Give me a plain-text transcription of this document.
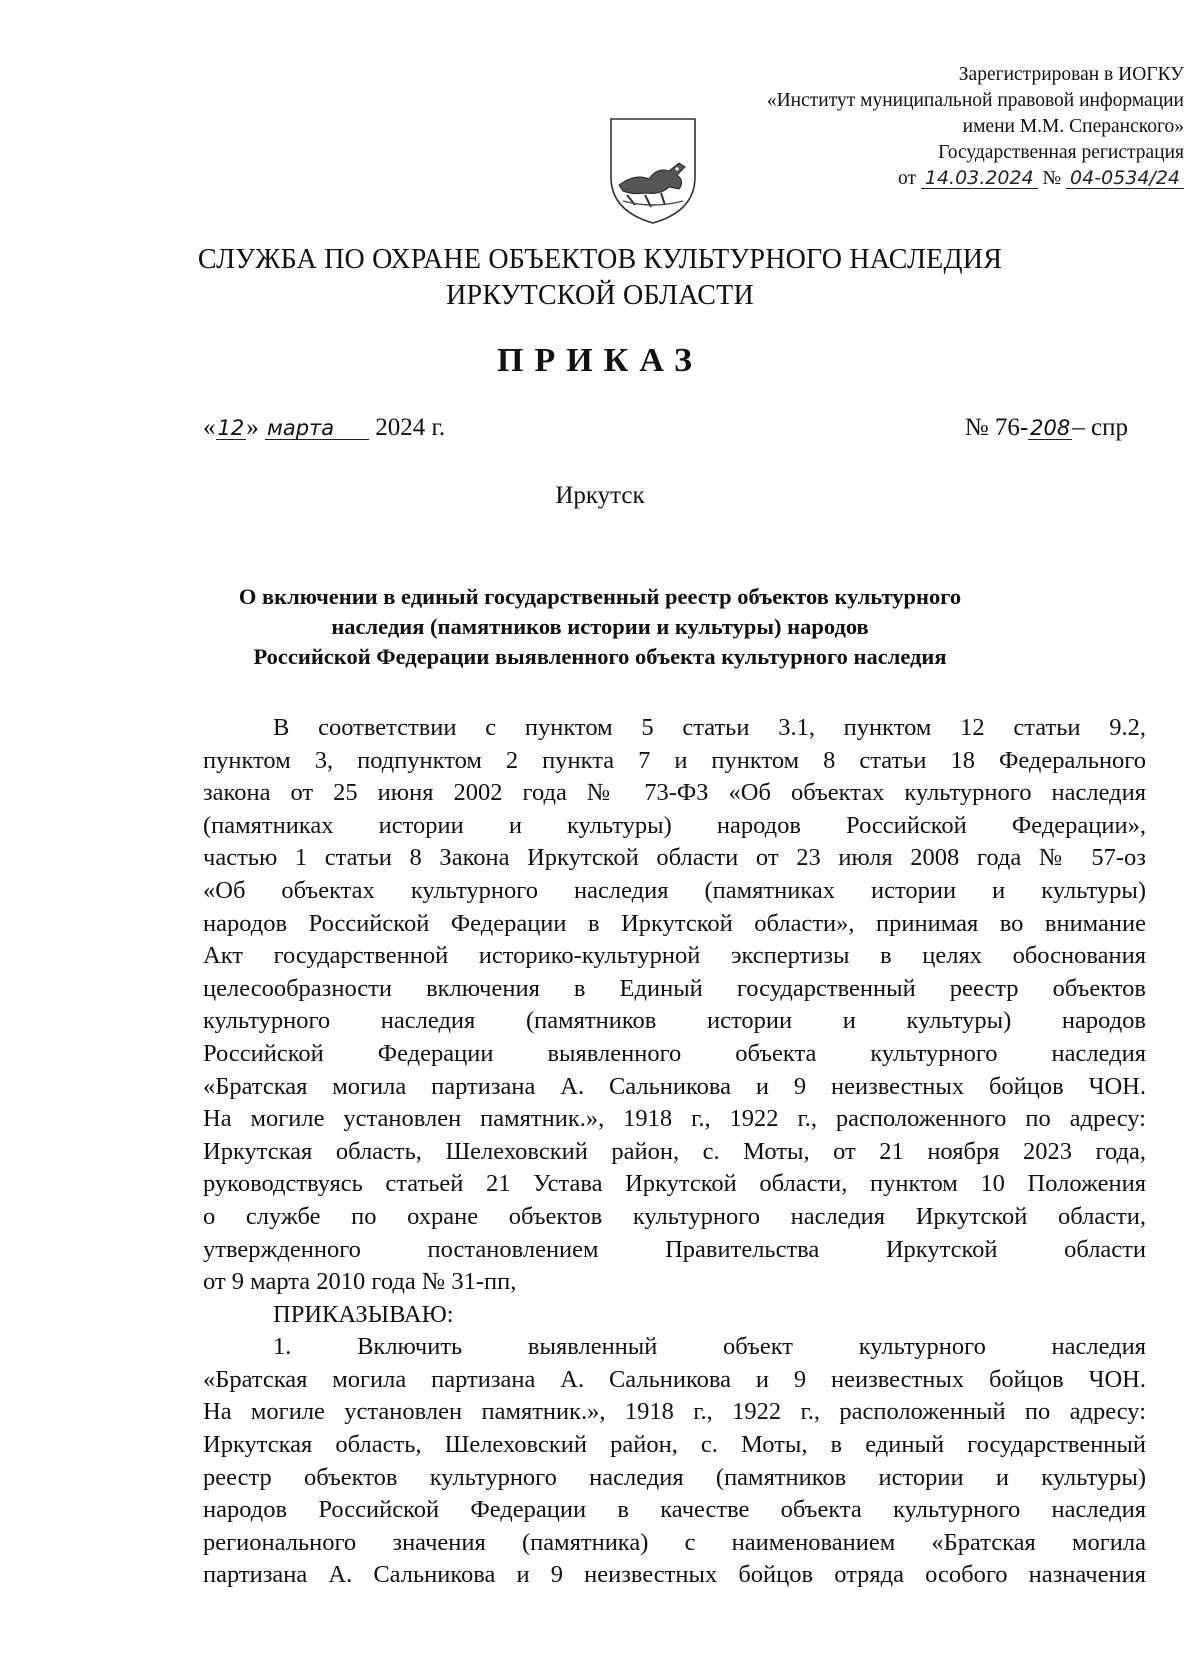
Зарегистрирован в ИОГКУ
«Институт муниципальной правовой информации
имени М.М. Сперанского»
Государственная регистрация
от 14.03.2024 № 04-0534/24
СЛУЖБА ПО ОХРАНЕ ОБЪЕКТОВ КУЛЬТУРНОГО НАСЛЕДИЯ
ИРКУТСКОЙ ОБЛАСТИ
ПРИКАЗ
«12» марта 2024 г.	№ 76-208– спр
Иркутск
О включении в единый государственный реестр объектов культурного
наследия (памятников истории и культуры) народов
Российской Федерации выявленного объекта культурного наследия
В соответствии с пунктом 5 статьи 3.1, пунктом 12 статьи 9.2,
пунктом 3, подпунктом 2 пункта 7 и пунктом 8 статьи 18 Федерального
закона от 25 июня 2002 года № 73-ФЗ «Об объектах культурного наследия
(памятниках истории и культуры) народов Российской Федерации»,
частью 1 статьи 8 Закона Иркутской области от 23 июля 2008 года № 57-оз
«Об объектах культурного наследия (памятниках истории и культуры)
народов Российской Федерации в Иркутской области», принимая во внимание
Акт государственной историко-культурной экспертизы в целях обоснования
целесообразности включения в Единый государственный реестр объектов
культурного наследия (памятников истории и культуры) народов
Российской Федерации выявленного объекта культурного наследия
«Братская могила партизана А. Сальникова и 9 неизвестных бойцов ЧОН.
На могиле установлен памятник.», 1918 г., 1922 г., расположенного по адресу:
Иркутская область, Шелеховский район, с. Моты, от 21 ноября 2023 года,
руководствуясь статьей 21 Устава Иркутской области, пунктом 10 Положения
о службе по охране объектов культурного наследия Иркутской области,
утвержденного постановлением Правительства Иркутской области
от 9 марта 2010 года № 31-пп,
ПРИКАЗЫВАЮ:
1. Включить выявленный объект культурного наследия
«Братская могила партизана А. Сальникова и 9 неизвестных бойцов ЧОН.
На могиле установлен памятник.», 1918 г., 1922 г., расположенный по адресу:
Иркутская область, Шелеховский район, с. Моты, в единый государственный
реестр объектов культурного наследия (памятников истории и культуры)
народов Российской Федерации в качестве объекта культурного наследия
регионального значения (памятника) с наименованием «Братская могила
партизана А. Сальникова и 9 неизвестных бойцов отряда особого назначения
